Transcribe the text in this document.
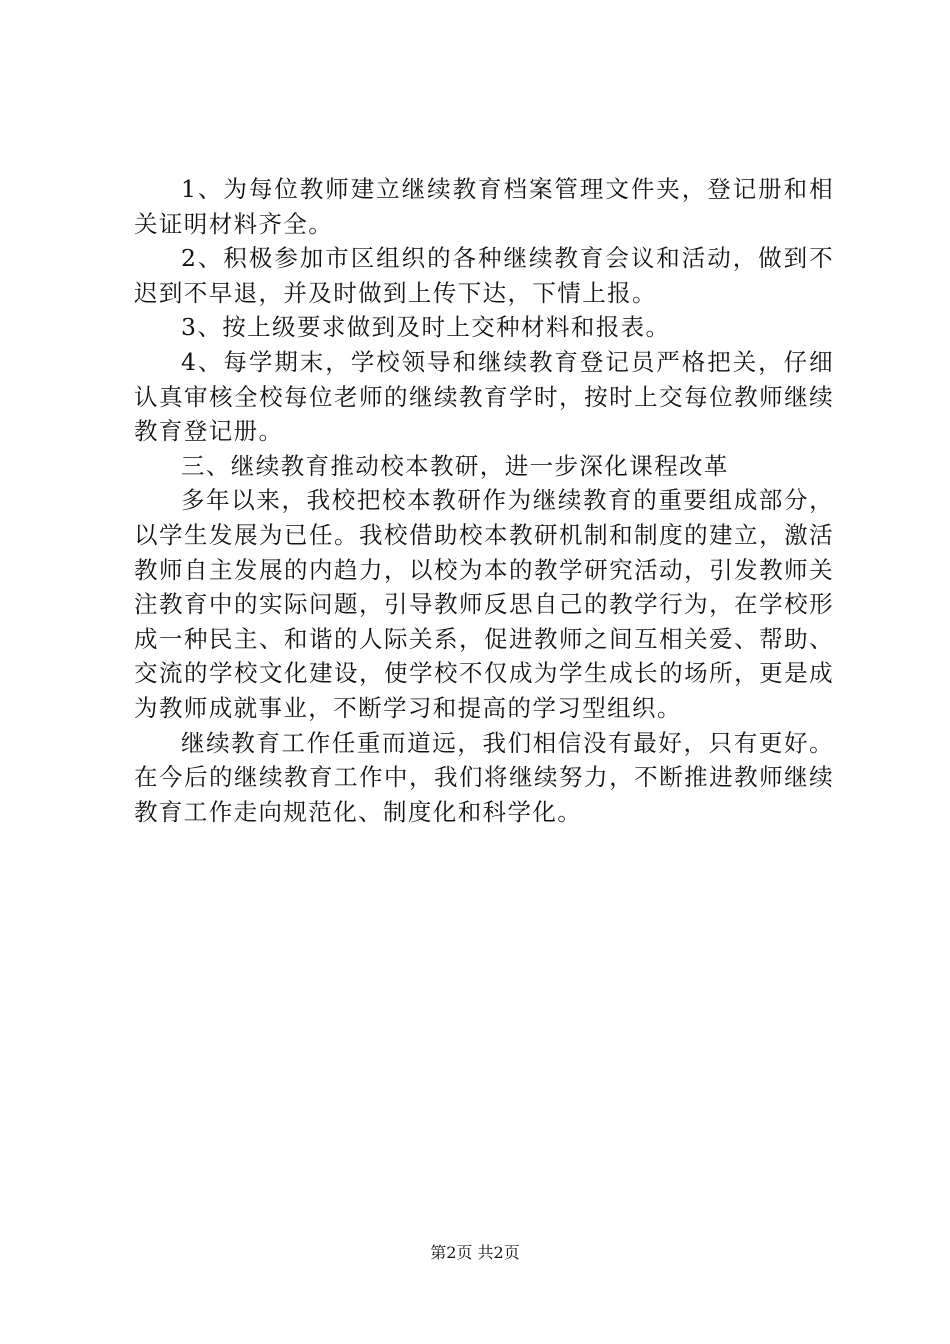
1、为每位教师建立继续教育档案管理文件夹，登记册和相关证明材料齐全。

2、积极参加市区组织的各种继续教育会议和活动，做到不迟到不早退，并及时做到上传下达，下情上报。

3、按上级要求做到及时上交种材料和报表。

4、每学期末，学校领导和继续教育登记员严格把关，仔细认真审核全校每位老师的继续教育学时，按时上交每位教师继续教育登记册。

三、继续教育推动校本教研，进一步深化课程改革

多年以来，我校把校本教研作为继续教育的重要组成部分，以学生发展为已任。我校借助校本教研机制和制度的建立，激活教师自主发展的内趋力，以校为本的教学研究活动，引发教师关注教育中的实际问题，引导教师反思自己的教学行为，在学校形成一种民主、和谐的人际关系，促进教师之间互相关爱、帮助、交流的学校文化建设，使学校不仅成为学生成长的场所，更是成为教师成就事业，不断学习和提高的学习型组织。

继续教育工作任重而道远，我们相信没有最好，只有更好。在今后的继续教育工作中，我们将继续努力，不断推进教师继续教育工作走向规范化、制度化和科学化。

第2页 共2页
